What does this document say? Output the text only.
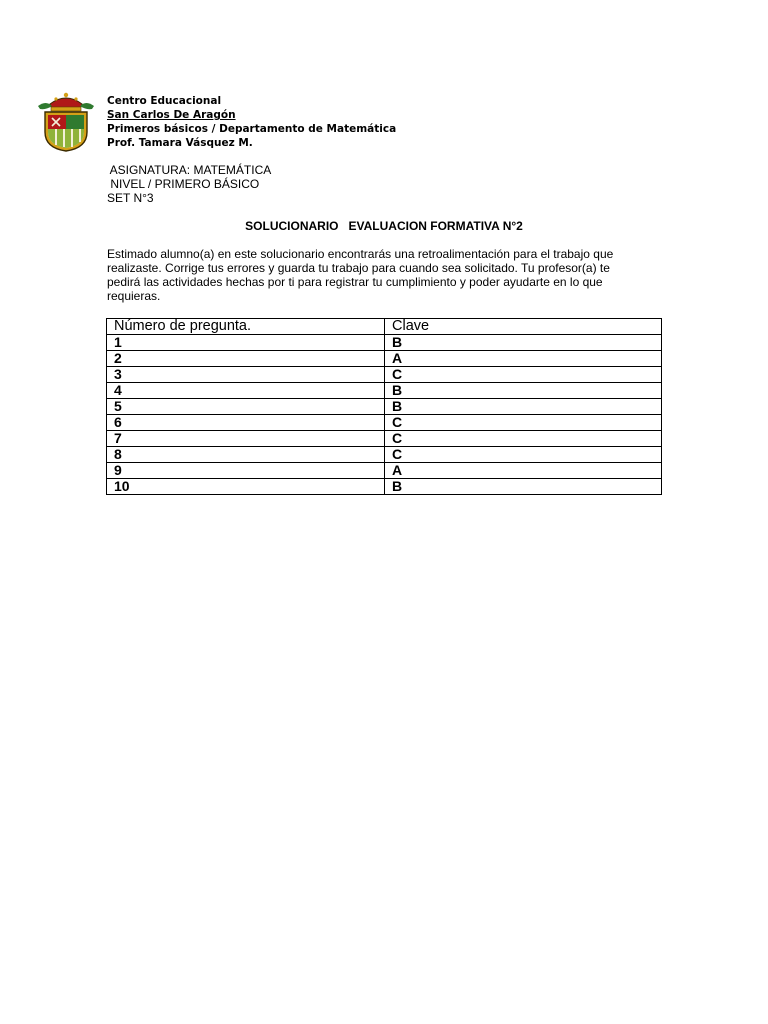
Centro Educacional
San Carlos De Aragón
Primeros básicos / Departamento de Matemática
Prof. Tamara Vásquez M.
ASIGNATURA: MATEMÁTICA
NIVEL / PRIMERO BÁSICO
SET N°3
SOLUCIONARIO   EVALUACION FORMATIVA N°2
Estimado alumno(a) en este solucionario encontrarás una retroalimentación para el trabajo que realizaste. Corrige tus errores y guarda tu trabajo para cuando sea solicitado. Tu profesor(a) te pedirá las actividades hechas por ti para registrar tu cumplimiento y poder ayudarte en lo que requieras.
Número de pregunta.	Clave
1	B
2	A
3	C
4	B
5	B
6	C
7	C
8	C
9	A
10	B
